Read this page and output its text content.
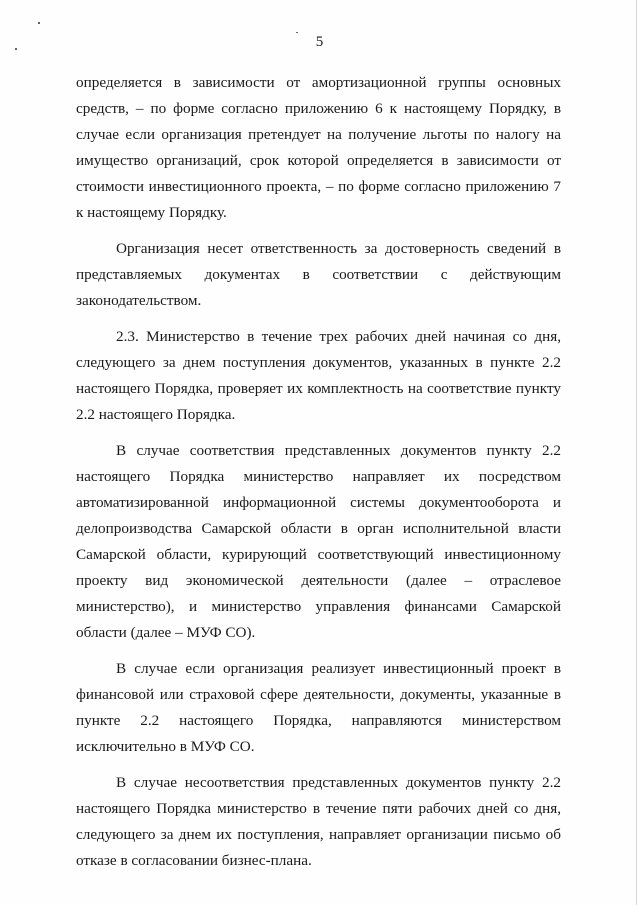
5

определяется в зависимости от амортизационной группы основных средств, – по форме согласно приложению 6 к настоящему Порядку, в случае если организация претендует на получение льготы по налогу на имущество организаций, срок которой определяется в зависимости от стоимости инвестиционного проекта, – по форме согласно приложению 7 к настоящему Порядку.

Организация несет ответственность за достоверность сведений в представляемых документах в соответствии с действующим законодательством.

2.3. Министерство в течение трех рабочих дней начиная со дня, следующего за днем поступления документов, указанных в пункте 2.2 настоящего Порядка, проверяет их комплектность на соответствие пункту 2.2 настоящего Порядка.

В случае соответствия представленных документов пункту 2.2 настоящего Порядка министерство направляет их посредством автоматизированной информационной системы документооборота и делопроизводства Самарской области в орган исполнительной власти Самарской области, курирующий соответствующий инвестиционному проекту вид экономической деятельности (далее – отраслевое министерство), и министерство управления финансами Самарской области (далее – МУФ СО).

В случае если организация реализует инвестиционный проект в финансовой или страховой сфере деятельности, документы, указанные в пункте 2.2 настоящего Порядка, направляются министерством исключительно в МУФ СО.

В случае несоответствия представленных документов пункту 2.2 настоящего Порядка министерство в течение пяти рабочих дней со дня, следующего за днем их поступления, направляет организации письмо об отказе в согласовании бизнес-плана.
